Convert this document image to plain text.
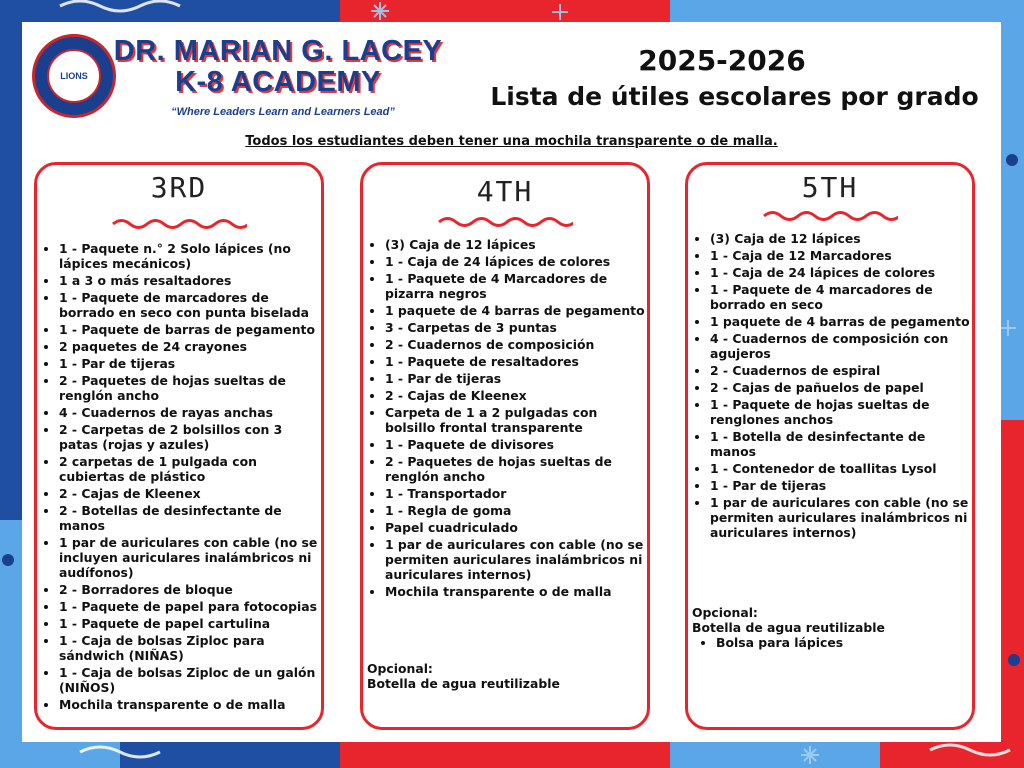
LIONS
DR. MARIAN G. LACEY
K-8 ACADEMY
“Where Leaders Learn and Learners Lead”
2025-2026
Lista de útiles escolares por grado
Todos los estudiantes deben tener una mochila transparente o de malla.
3RD
• 1 - Paquete n.° 2 Solo lápices (no lápices mecánicos)
• 1 a 3 o más resaltadores
• 1 - Paquete de marcadores de borrado en seco con punta biselada
• 1 - Paquete de barras de pegamento
• 2 paquetes de 24 crayones
• 1 - Par de tijeras
• 2 - Paquetes de hojas sueltas de renglón ancho
• 4 - Cuadernos de rayas anchas
• 2 - Carpetas de 2 bolsillos con 3 patas (rojas y azules)
• 2 carpetas de 1 pulgada con cubiertas de plástico
• 2 - Cajas de Kleenex
• 2 - Botellas de desinfectante de manos
• 1 par de auriculares con cable (no se incluyen auriculares inalámbricos ni audífonos)
• 2 - Borradores de bloque
• 1 - Paquete de papel para fotocopias
• 1 - Paquete de papel cartulina
• 1 - Caja de bolsas Ziploc para sándwich (NIÑAS)
• 1 - Caja de bolsas Ziploc de un galón (NIÑOS)
• Mochila transparente o de malla
4TH
• (3) Caja de 12 lápices
• 1 - Caja de 24 lápices de colores
• 1 - Paquete de 4 Marcadores de pizarra negros
• 1 paquete de 4 barras de pegamento
• 3 - Carpetas de 3 puntas
• 2 - Cuadernos de composición
• 1 - Paquete de resaltadores
• 1 - Par de tijeras
• 2 - Cajas de Kleenex
• Carpeta de 1 a 2 pulgadas con bolsillo frontal transparente
• 1 - Paquete de divisores
• 2 - Paquetes de hojas sueltas de renglón ancho
• 1 - Transportador
• 1 - Regla de goma
• Papel cuadriculado
• 1 par de auriculares con cable (no se permiten auriculares inalámbricos ni auriculares internos)
• Mochila transparente o de malla
Opcional:
Botella de agua reutilizable
5TH
• (3) Caja de 12 lápices
• 1 - Caja de 12 Marcadores
• 1 - Caja de 24 lápices de colores
• 1 - Paquete de 4 marcadores de borrado en seco
• 1 paquete de 4 barras de pegamento
• 4 - Cuadernos de composición con agujeros
• 2 - Cuadernos de espiral
• 2 - Cajas de pañuelos de papel
• 1 - Paquete de hojas sueltas de renglones anchos
• 1 - Botella de desinfectante de manos
• 1 - Contenedor de toallitas Lysol
• 1 - Par de tijeras
• 1 par de auriculares con cable (no se permiten auriculares inalámbricos ni auriculares internos)
Opcional:
Botella de agua reutilizable
• Bolsa para lápices
